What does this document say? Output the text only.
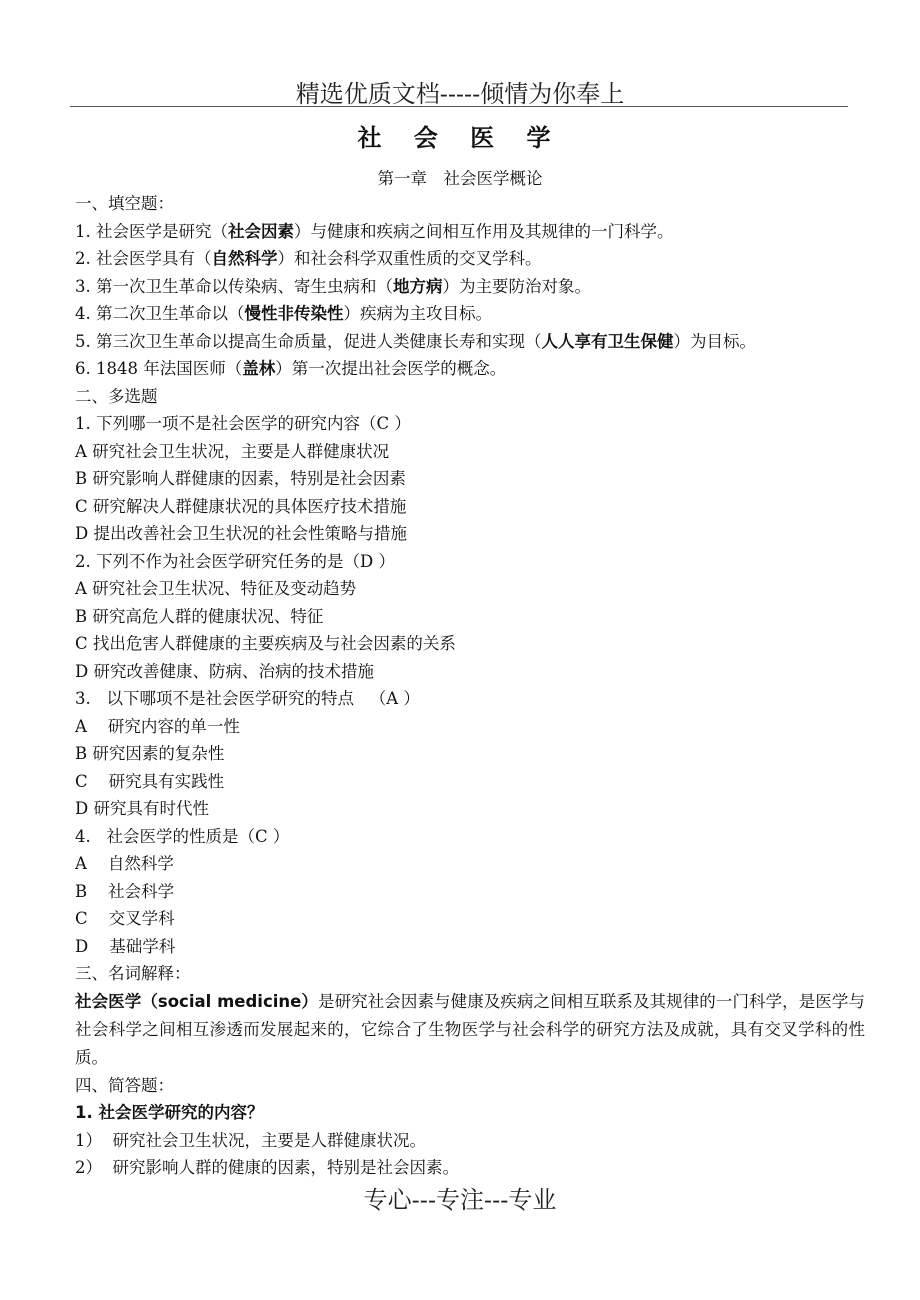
精选优质文档-----倾情为你奉上
社 会 医 学
第一章　社会医学概论
一、填空题：
1. 社会医学是研究（社会因素）与健康和疾病之间相互作用及其规律的一门科学。
2. 社会医学具有（自然科学）和社会科学双重性质的交叉学科。
3. 第一次卫生革命以传染病、寄生虫病和（地方病）为主要防治对象。
4. 第二次卫生革命以（慢性非传染性）疾病为主攻目标。
5. 第三次卫生革命以提高生命质量，促进人类健康长寿和实现（人人享有卫生保健）为目标。
6. 1848 年法国医师（盖林）第一次提出社会医学的概念。
二、多选题
1. 下列哪一项不是社会医学的研究内容（C ）
A 研究社会卫生状况，主要是人群健康状况
B 研究影响人群健康的因素，特别是社会因素
C 研究解决人群健康状况的具体医疗技术措施
D 提出改善社会卫生状况的社会性策略与措施
2. 下列不作为社会医学研究任务的是（D ）
A 研究社会卫生状况、特征及变动趋势
B 研究高危人群的健康状况、特征
C 找出危害人群健康的主要疾病及与社会因素的关系
D 研究改善健康、防病、治病的技术措施
3.   以下哪项不是社会医学研究的特点   （A ）
A    研究内容的单一性
B 研究因素的复杂性
C    研究具有实践性
D 研究具有时代性
4.   社会医学的性质是（C ）
A    自然科学
B    社会科学
C    交叉学科
D    基础学科
三、名词解释：
社会医学（social medicine）是研究社会因素与健康及疾病之间相互联系及其规律的一门科学，是医学与社会科学之间相互渗透而发展起来的，它综合了生物医学与社会科学的研究方法及成就，具有交叉学科的性质。
四、简答题：
1. 社会医学研究的内容？
1）  研究社会卫生状况，主要是人群健康状况。
2）  研究影响人群的健康的因素，特别是社会因素。
专心---专注---专业
